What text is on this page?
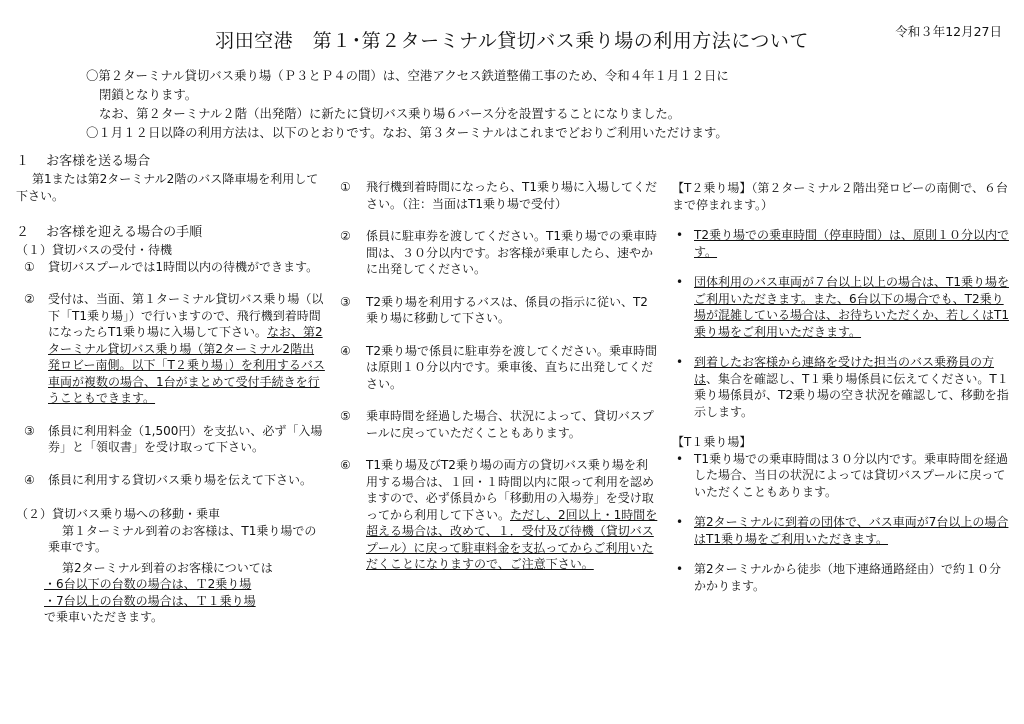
羽田空港　第１･第２ターミナル貸切バス乗り場の利用方法について	令和３年12月27日

〇第２ターミナル貸切バス乗り場（Ｐ３とＰ４の間）は、空港アクセス鉄道整備工事のため、令和４年１月１２日に

閉鎖となります。

なお、第２ターミナル２階（出発階）に新たに貸切バス乗り場６バース分を設置することになりました。

〇１月１２日以降の利用方法は、以下のとおりです。なお、第３ターミナルはこれまでどおりご利用いただけます。

１　 お客様を送る場合

第1または第2ターミナル2階のバス降車場を利用して下さい。

２　 お客様を迎える場合の手順

（１）貸切バスの受付・待機

①	貸切バスプールでは1時間以内の待機ができます。
②	受付は、当面、第１ターミナル貸切バス乗り場（以下「T1乗り場」）で行いますので、飛行機到着時間になったらT1乗り場に入場して下さい。なお、第2ターミナル貸切バス乗り場（第2ターミナル2階出発ロビー南側。以下「T２乗り場」）を利用するバス車両が複数の場合、1台がまとめて受付手続きを行うこともできます。
③	係員に利用料金（1,500円）を支払い、必ず「入場券」と「領収書」を受け取って下さい。
④	係員に利用する貸切バス乗り場を伝えて下さい。

（２）貸切バス乗り場への移動・乗車

第１ターミナル到着のお客様は、T1乗り場での乗車です。

第2ターミナル到着のお客様については

・6台以下の台数の場合は、Ｔ2乗り場

・7台以上の台数の場合は、Ｔ１乗り場

で乗車いただきます。

①	飛行機到着時間になったら、T1乗り場に入場してください。（注：当面はT1乗り場で受付）
②	係員に駐車券を渡してください。T1乗り場での乗車時間は、３０分以内です。お客様が乗車したら、速やかに出発してください。
③	T2乗り場を利用するバスは、係員の指示に従い、T2乗り場に移動して下さい。
④	T2乗り場で係員に駐車券を渡してください。乗車時間は原則１０分以内です。乗車後、直ちに出発してください。
⑤	乗車時間を経過した場合、状況によって、貸切バスプールに戻っていただくこともあります。
⑥	T1乗り場及びT2乗り場の両方の貸切バス乗り場を利用する場合は、１回・１時間以内に限って利用を認めますので、必ず係員から「移動用の入場券」を受け取ってから利用して下さい。ただし、2回以上・1時間を超える場合は、改めて、１．受付及び待機（貸切バスプール）に戻って駐車料金を支払ってからご利用いただくことになりますので、ご注意下さい。

【T２乗り場】（第２ターミナル２階出発ロビーの南側で、６台まで停まれます。）

• T2乗り場での乗車時間（停車時間）は、原則１０分以内です。
• 団体利用のバス車両が７台以上以上の場合は、T1乗り場をご利用いただきます。また、6台以下の場合でも、T2乗り場が混雑している場合は、お待ちいただくか、若しくはT1乗り場をご利用いただきます。
• 到着したお客様から連絡を受けた担当のバス乗務員の方は、集合を確認し、T１乗り場係員に伝えてください。T１乗り場係員が、T2乗り場の空き状況を確認して、移動を指示します。

【T１乗り場】

• T1乗り場での乗車時間は３０分以内です。乗車時間を経過した場合、当日の状況によっては貸切バスプールに戻っていただくこともあります。
• 第2ターミナルに到着の団体で、バス車両が7台以上の場合はT1乗り場をご利用いただきます。
• 第2ターミナルから徒歩（地下連絡通路経由）で約１０分かかります。
